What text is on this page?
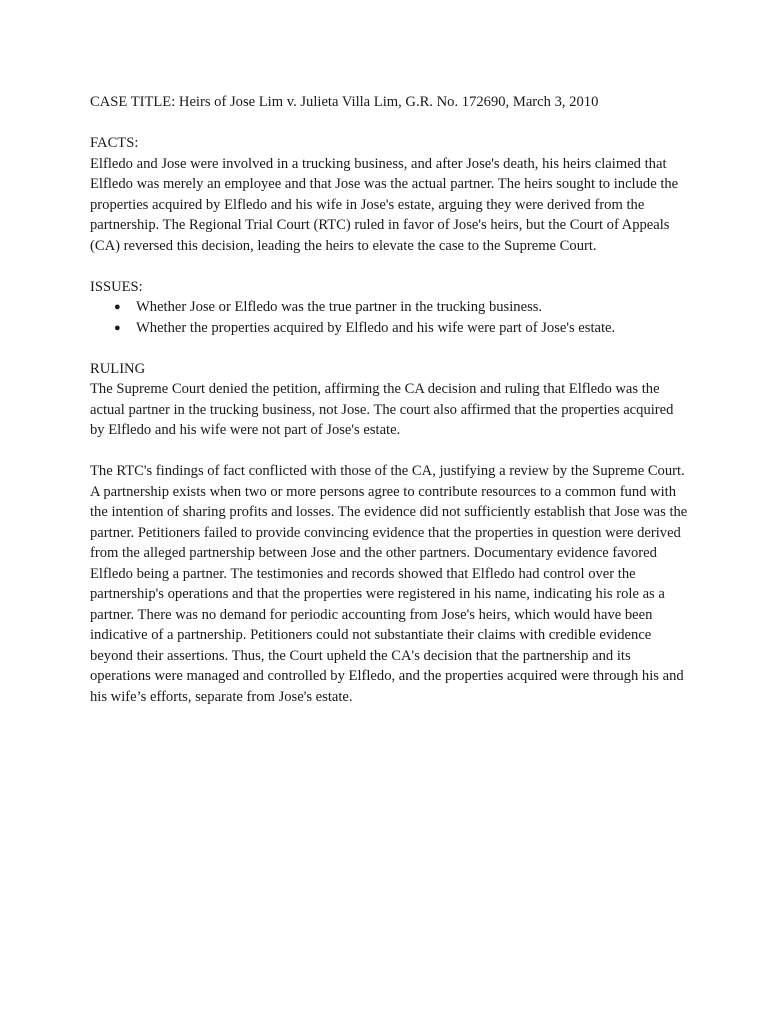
CASE TITLE: Heirs of Jose Lim v. Julieta Villa Lim, G.R. No. 172690, March 3, 2010

FACTS:

Elfledo and Jose were involved in a trucking business, and after Jose's death, his heirs claimed that Elfledo was merely an employee and that Jose was the actual partner. The heirs sought to include the properties acquired by Elfledo and his wife in Jose's estate, arguing they were derived from the partnership. The Regional Trial Court (RTC) ruled in favor of Jose's heirs, but the Court of Appeals (CA) reversed this decision, leading the heirs to elevate the case to the Supreme Court.

ISSUES:

● Whether Jose or Elfledo was the true partner in the trucking business.
● Whether the properties acquired by Elfledo and his wife were part of Jose's estate.

RULING

The Supreme Court denied the petition, affirming the CA decision and ruling that Elfledo was the actual partner in the trucking business, not Jose. The court also affirmed that the properties acquired by Elfledo and his wife were not part of Jose's estate.

The RTC's findings of fact conflicted with those of the CA, justifying a review by the Supreme Court. A partnership exists when two or more persons agree to contribute resources to a common fund with the intention of sharing profits and losses. The evidence did not sufficiently establish that Jose was the partner. Petitioners failed to provide convincing evidence that the properties in question were derived from the alleged partnership between Jose and the other partners. Documentary evidence favored Elfledo being a partner. The testimonies and records showed that Elfledo had control over the partnership's operations and that the properties were registered in his name, indicating his role as a partner. There was no demand for periodic accounting from Jose's heirs, which would have been indicative of a partnership. Petitioners could not substantiate their claims with credible evidence beyond their assertions. Thus, the Court upheld the CA's decision that the partnership and its operations were managed and controlled by Elfledo, and the properties acquired were through his and his wife’s efforts, separate from Jose's estate.
